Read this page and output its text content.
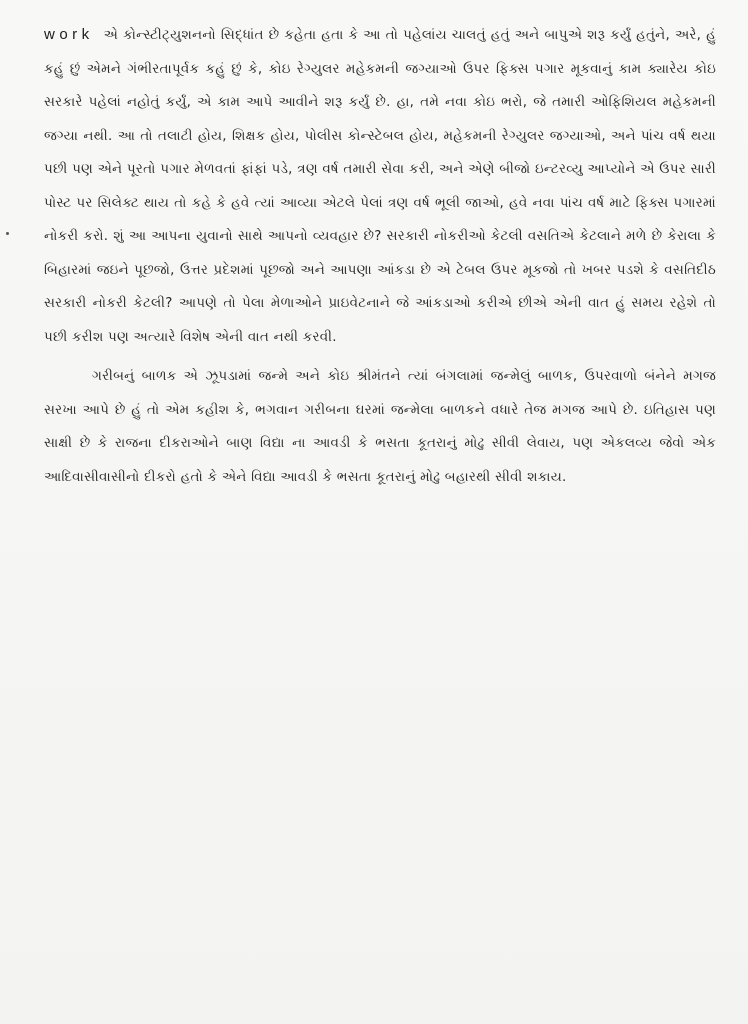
work એ કોન્સ્ટીટ્યુશનનો સિદ્ધાંત છે કહેતા હતા કે આ તો પહેલાંય ચાલતું હતું અને બાપુએ શરૂ કર્યું હતુંને, અરે, હું કહું છું એમને ગંભીરતાપૂર્વક કહું છું કે, કોઇ રેગ્યુલર મહેકમની જગ્યાઓ ઉપર ફિક્સ પગાર મૂકવાનું કામ ક્યારેય કોઇ સરકારે પહેલાં નહોતું કર્યું, એ કામ આપે આવીને શરૂ કર્યું છે. હા, તમે નવા કોઇ ભરો, જે તમારી ઓફિશિયલ મહેકમની જગ્યા નથી. આ તો તલાટી હોય, શિક્ષક હોય, પોલીસ કોન્સ્ટેબલ હોય, મહેકમની રેગ્યુલર જગ્યાઓ, અને પાંચ વર્ષ થયા પછી પણ એને પૂરતો પગાર મેળવતાં ફાંફાં પડે, ત્રણ વર્ષ તમારી સેવા કરી, અને એણે બીજો ઇન્ટરવ્યુ આપ્યોને એ ઉપર સારી પોસ્ટ પર સિલેક્ટ થાય તો કહે કે હવે ત્યાં આવ્યા એટલે પેલાં ત્રણ વર્ષ ભૂલી જાઓ, હવે નવા પાંચ વર્ષ માટે ફિક્સ પગારમાં નોકરી કરો. શું આ આપના યુવાનો સાથે આપનો વ્યવહાર છે? સરકારી નોકરીઓ કેટલી વસતિએ કેટલાને મળે છે કેરાલા કે બિહારમાં જઇને પૂછજો, ઉત્તર પ્રદેશમાં પૂછજો અને આપણા આંકડા છે એ ટેબલ ઉપર મૂકજો તો ખબર પડશે કે વસતિદીઠ સરકારી નોકરી કેટલી? આપણે તો પેલા મેળાઓને પ્રાઇવેટનાને જે આંકડાઓ કરીએ છીએ એની વાત હું સમય રહેશે તો પછી કરીશ પણ અત્યારે વિશેષ એની વાત નથી કરવી.

ગરીબનું બાળક એ ઝૂપડામાં જન્મે અને કોઇ શ્રીમંતને ત્યાં બંગલામાં જન્મેલું બાળક, ઉપરવાળો બંનેને મગજ સરખા આપે છે હું તો એમ કહીશ કે, ભગવાન ગરીબના ઘરમાં જન્મેલા બાળકને વધારે તેજ મગજ આપે છે. ઇતિહાસ પણ સાક્ષી છે કે રાજના દીકરાઓને બાણ વિદ્યા ના આવડી કે ભસતા કૂતરાનું મોઢુ સીવી લેવાય, પણ એકલવ્ય જેવો એક આદિવાસીવાસીનો દીકરો હતો કે એને વિદ્યા આવડી કે ભસતા કૂતરાનું મોઢુ બહારથી સીવી શકાય.
